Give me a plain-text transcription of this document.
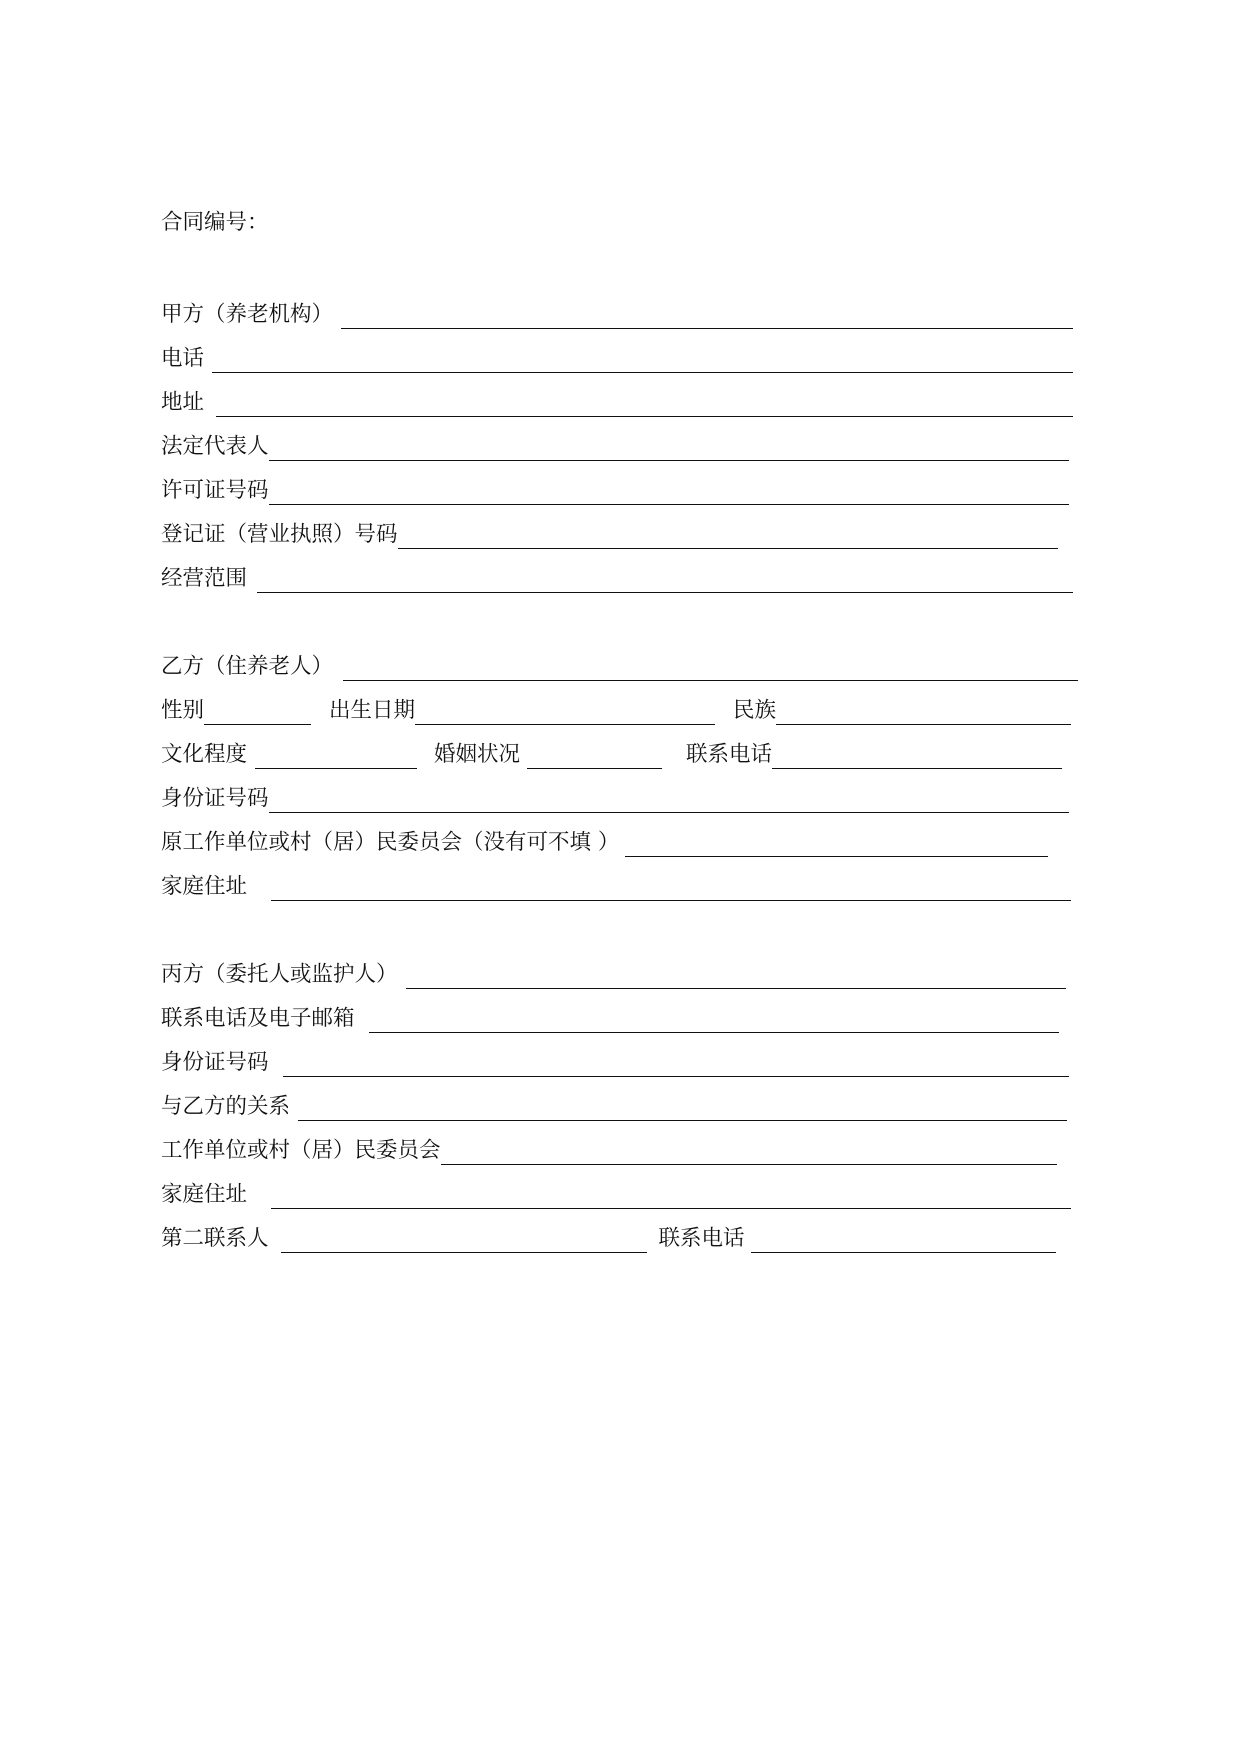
合同编号：
甲方（养老机构）
电话
地址
法定代表人
许可证号码
登记证（营业执照）号码
经营范围
乙方（住养老人）
性别	出生日期	民族
文化程度	婚姻状况	联系电话
身份证号码
原工作单位或村（居）民委员会（没有可不填 ）
家庭住址
丙方（委托人或监护人）
联系电话及电子邮箱
身份证号码
与乙方的关系
工作单位或村（居）民委员会
家庭住址
第二联系人	联系电话
